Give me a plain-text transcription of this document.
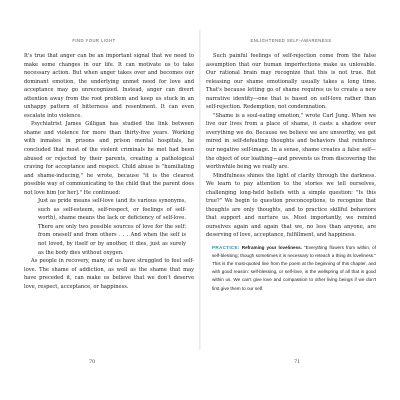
FIND YOUR LIGHT

It's true that anger can be an important signal that we need to make some changes in our life. It can motivate us to take necessary action. But when anger takes over and becomes our dominant emotion, the underlying unmet need for love and acceptance may go unrecognized. Instead, anger can divert attention away from the root problem and keep us stuck in an unhappy pattern of bitterness and resentment. It can even escalate into violence.

Psychiatrist James Gilligan has studied the link between shame and violence for more than thirty-five years. Working with inmates in prisons and prison mental hospitals, he concluded that most of the violent criminals he met had been abused or rejected by their parents, creating a pathological craving for acceptance and respect. Child abuse is "humiliating and shame-inducing," he wrote, because "it is the clearest possible way of communicating to the child that the parent does not love him [or her]." He continued:

Just as pride means self-love (and its various synonyms, such as self-esteem, self-respect, or feelings of self-worth), shame means the lack or deficiency of self-love. There are only two possible sources of love for the self: from oneself and from others . . . And when the self is not loved, by itself or by another, it dies, just as surely as the body dies without oxygen.

As people in recovery, many of us have struggled to feel self-love. The shame of addiction, as well as the shame that may have preceded it, can make us believe that we don't deserve love, respect, acceptance, or happiness.

70
ENLIGHTENED SELF-AWARENESS

Such painful feelings of self-rejection come from the false assumption that our human imperfections make us unlovable. Our rational brain may recognize that this is not true. But releasing our shame emotionally usually takes a long time. That's because letting go of shame requires us to create a new narrative identity—one that is based on self-love rather than self-rejection. Redemption, not condemnation.

"Shame is a soul-eating emotion," wrote Carl Jung. When we live our lives from a place of shame, it casts a shadow over everything we do. Because we believe we are unworthy, we get mired in self-defeating thoughts and behaviors that reinforce our negative self-image. In a sense, shame creates a false self—the object of our loathing—and prevents us from discovering the worthwhile being we really are.

Mindfulness shines the light of clarity through the darkness. We learn to pay attention to the stories we tell ourselves, challenging long-held beliefs with a simple question: "Is this true?" We begin to question preconceptions, to recognize that thoughts are only thoughts, and to practice skillful behaviors that support and nurture us. Most importantly, we remind ourselves again and again that we, no less than anyone, are deserving of love, acceptance, fulfillment, and happiness.

PRACTICE: Reframing your loveliness. "Everything flowers from within, of self-blessing; though sometimes it is necessary to reteach a thing its loveliness." This is the most-quoted line from the poem at the beginning of this chapter, and with good reason: self-blessing, or self-love, is the wellspring of all that is good within us. We can't give love and compassion to other living beings if we don't first give them to our self.
71
